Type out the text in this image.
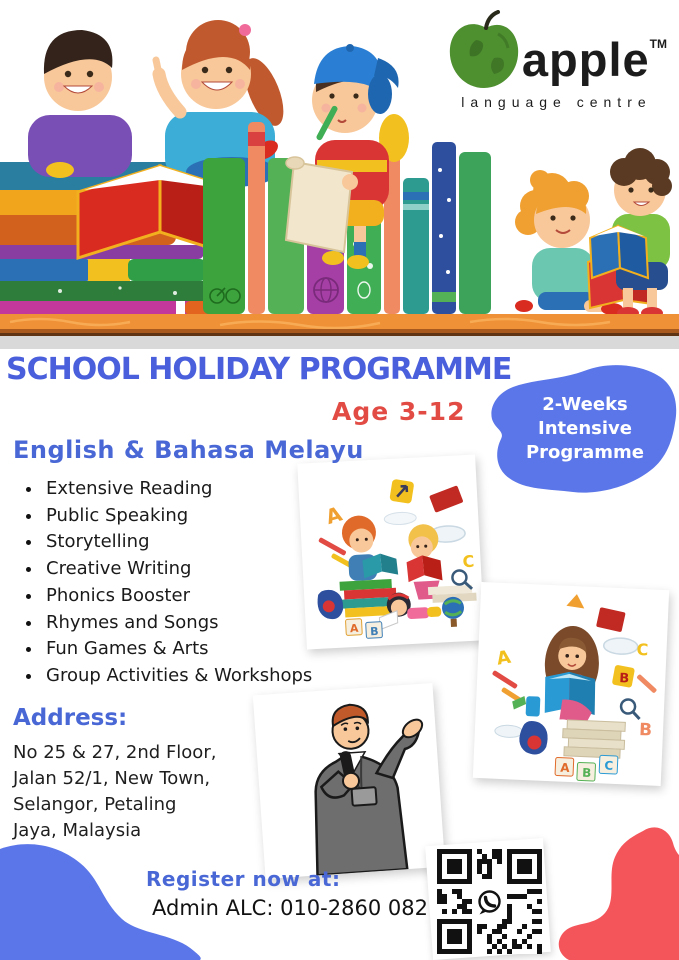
apple™
language centre
A
C
A B
C
A
B
B
A B C
SCHOOL HOLIDAY PROGRAMME
Age 3-12	2-Weeks
Intensive
Programme
English & Bahasa Melayu
Extensive Reading
Public Speaking
Storytelling
Creative Writing
Phonics Booster
Rhymes and Songs
Fun Games & Arts
Group Activities & Workshops
Address:
No 25 & 27, 2nd Floor,
Jalan 52/1, New Town,
Selangor, Petaling
Jaya, Malaysia
Register now at:
Admin ALC: 010-2860 082
